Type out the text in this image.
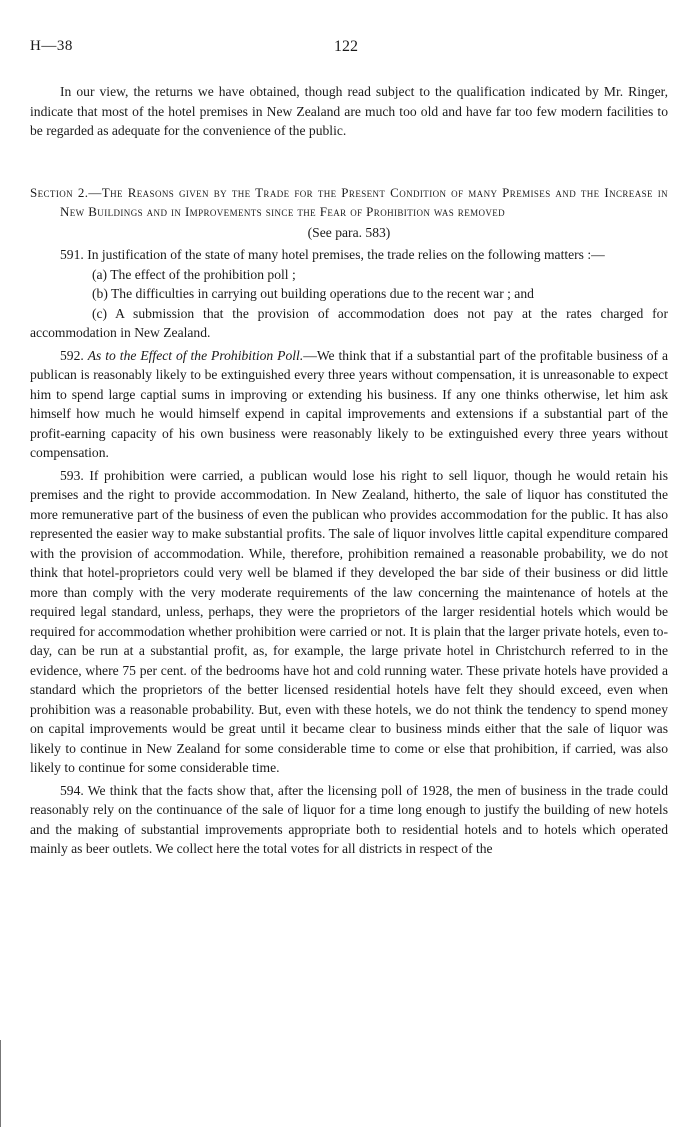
H—38	122

In our view, the returns we have obtained, though read subject to the qualification indicated by Mr. Ringer, indicate that most of the hotel premises in New Zealand are much too old and have far too few modern facilities to be regarded as adequate for the convenience of the public.

Section 2.—The Reasons given by the Trade for the Present Condition of many Premises and the Increase in New Buildings and in Improvements since the Fear of Prohibition was removed
(See para. 583)

591. In justification of the state of many hotel premises, the trade relies on the following matters :—

(a) The effect of the prohibition poll ;

(b) The difficulties in carrying out building operations due to the recent war ; and

(c) A submission that the provision of accommodation does not pay at the rates charged for accommodation in New Zealand.

592. As to the Effect of the Prohibition Poll.—We think that if a substantial part of the profitable business of a publican is reasonably likely to be extinguished every three years without compensation, it is unreasonable to expect him to spend large captial sums in improving or extending his business. If any one thinks otherwise, let him ask himself how much he would himself expend in capital improvements and extensions if a substantial part of the profit-earning capacity of his own business were reasonably likely to be extinguished every three years without compensation.

593. If prohibition were carried, a publican would lose his right to sell liquor, though he would retain his premises and the right to provide accommodation. In New Zealand, hitherto, the sale of liquor has constituted the more remunerative part of the business of even the publican who provides accommodation for the public. It has also represented the easier way to make substantial profits. The sale of liquor involves little capital expenditure compared with the provision of accommodation. While, therefore, prohibition remained a reasonable probability, we do not think that hotel-proprietors could very well be blamed if they developed the bar side of their business or did little more than comply with the very moderate requirements of the law concerning the maintenance of hotels at the required legal standard, unless, perhaps, they were the proprietors of the larger residential hotels which would be required for accommodation whether prohibition were carried or not. It is plain that the larger private hotels, even to-day, can be run at a substantial profit, as, for example, the large private hotel in Christchurch referred to in the evidence, where 75 per cent. of the bedrooms have hot and cold running water. These private hotels have provided a standard which the proprietors of the better licensed residential hotels have felt they should exceed, even when prohibition was a reasonable probability. But, even with these hotels, we do not think the tendency to spend money on capital improvements would be great until it became clear to business minds either that the sale of liquor was likely to continue in New Zealand for some considerable time to come or else that prohibition, if carried, was also likely to continue for some considerable time.

594. We think that the facts show that, after the licensing poll of 1928, the men of business in the trade could reasonably rely on the continuance of the sale of liquor for a time long enough to justify the building of new hotels and the making of substantial improvements appropriate both to residential hotels and to hotels which operated mainly as beer outlets. We collect here the total votes for all districts in respect of the
